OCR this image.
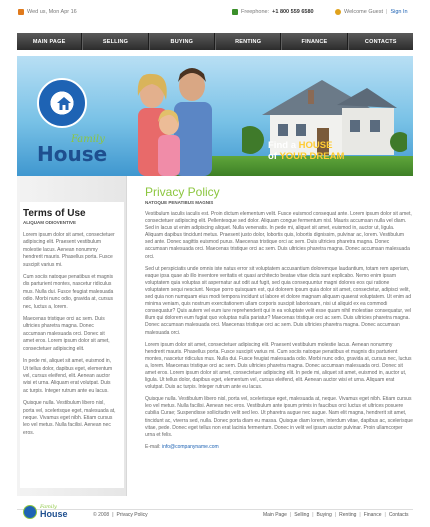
Wed us, Mon Apr 16	Freephone: +1 800 559 6580	Welcome Guest | Sign In
MAIN PAGE	SELLING	BUYING	RENTING	FINANCE	CONTACTS
Family
House	Find a HOUSE
of YOUR DREAM
Terms of Use
ALIQUAM ODIOVENTIVE

Lorem ipsum dolor sit amet, consectetuer adipiscing elit. Praesent vestibulum molestie lacus. Aenean nonummy hendrerit mauris. Phasellus porta. Fusce suscipit varius mi.

Cum sociis natoque penatibus et magnis dis parturient montes, nascetur ridiculus mus. Nulla dui. Fusce feugiat malesuada odio. Morbi nunc odio, gravida at, cursus nec, luctus a, lorem.

Maecenas tristique orci ac sem. Duis ultricies pharetra magna. Donec accumsan malesuada orci. Donec sit amet eros. Lorem ipsum dolor sit amet, consectetuer adipiscing elit.

In pede mi, aliquet sit amet, euismod in, Ut tellus dolor, dapibus eget, elementum vel, cursus eleifend, elit. Aenean auctor wisi et urna. Aliquam erat volutpat. Duis ac turpis. Integer rutrum ante eu lacus.

Quisque nulla. Vestibulum libero nisl, porta vel, scelerisque eget, malesuada at, neque. Vivamus eget nibh. Etiam cursus leo vel metus. Nulla facilisi. Aenean nec eros.

Privacy Policy
NATOQUE PENATIBUS MAGNIS

Vestibulum iaculis iaculis est. Proin dictum elementum velit. Fusce euismod consequat ante. Lorem ipsum dolor sit amet, consectetuer adipiscing elit. Pellentesque sed dolor. Aliquam congue fermentum nisl. Mauris accumsan nulla vel diam. Sed in lacus ut enim adipiscing aliquet. Nulla venenatis. In pede mi, aliquet sit amet, euismod in, auctor ut, ligula. Aliquam dapibus tincidunt metus. Praesent justo dolor, lobortis quis, lobortis dignissim, pulvinar ac, lorem. Vestibulum sed ante. Donec sagittis euismod purus. Maecenas tristique orci ac sem. Duis ultricies pharetra magna. Donec accumsan malesuada orci. Maecenas tristique orci ac sem. Duis ultricies pharetra magna. Donec accumsan malesuada orci.

Sed ut perspiciatis unde omnis iste natus error sit voluptatem accusantium doloremque laudantium, totam rem aperiam, eaque ipsa quae ab illo inventore veritatis et quasi architecto beatae vitae dicta sunt explicabo. Nemo enim ipsam voluptatem quia voluptas sit aspernatur aut odit aut fugit, sed quia consequuntur magni dolores eos qui ratione voluptatem sequi nesciunt. Neque porro quisquam est, qui dolorem ipsum quia dolor sit amet, consectetur, adipisci velit, sed quia non numquam eius modi tempora incidunt ut labore et dolore magnam aliquam quaerat voluptatem. Ut enim ad minima veniam, quis nostrum exercitationem ullam corporis suscipit laboriosam, nisi ut aliquid ex ea commodi consequatur? Quis autem vel eum iure reprehenderit qui in ea voluptate velit esse quam nihil molestiae consequatur, vel illum qui dolorem eum fugiat quo voluptas nulla pariatur? Maecenas tristique orci ac sem. Duis ultricies pharetra magna. Donec accumsan malesuada orci. Maecenas tristique orci ac sem. Duis ultricies pharetra magna. Donec accumsan malesuada orci.

Lorem ipsum dolor sit amet, consectetuer adipiscing elit. Praesent vestibulum molestie lacus. Aenean nonummy hendrerit mauris. Phasellus porta. Fusce suscipit varius mi. Cum sociis natoque penatibus et magnis dis parturient montes, nascetur ridiculus mus. Nulla dui. Fusce feugiat malesuada odio. Morbi nunc odio, gravida at, cursus nec, luctus a, lorem. Maecenas tristique orci ac sem. Duis ultricies pharetra magna. Donec accumsan malesuada orci. Donec sit amet eros. Lorem ipsum dolor sit amet, consectetuer adipiscing elit. In pede mi, aliquet sit amet, euismod in, auctor ut, ligula. Ut tellus dolor, dapibus eget, elementum vel, cursus eleifend, elit. Aenean auctor wisi et urna. Aliquam erat volutpat. Duis ac turpis. Integer rutrum ante eu lacus.

Quisque nulla. Vestibulum libero nisl, porta vel, scelerisque eget, malesuada at, neque. Vivamus eget nibh. Etiam cursus leo vel metus. Nulla facilisi. Aenean nec eros. Vestibulum ante ipsum primis in faucibus orci luctus et ultrices posuere cubilia Curae; Suspendisse sollicitudin velit sed leo. Ut pharetra augue nec augue. Nam elit magna, hendrerit sit amet, tincidunt ac, viverra sed, nulla. Donec porta diam eu massa. Quisque diam lorem, interdum vitae, dapibus ac, scelerisque vitae, pede. Donec eget tellus non erat lacinia fermentum. Donec in velit vel ipsum auctor pulvinar. Proin ullamcorper urna et felis.

E-mail: info@companyname.com
Family
House	© 2008 | Privacy Policy	Main Page | Selling | Buying | Renting | Finance | Contacts
